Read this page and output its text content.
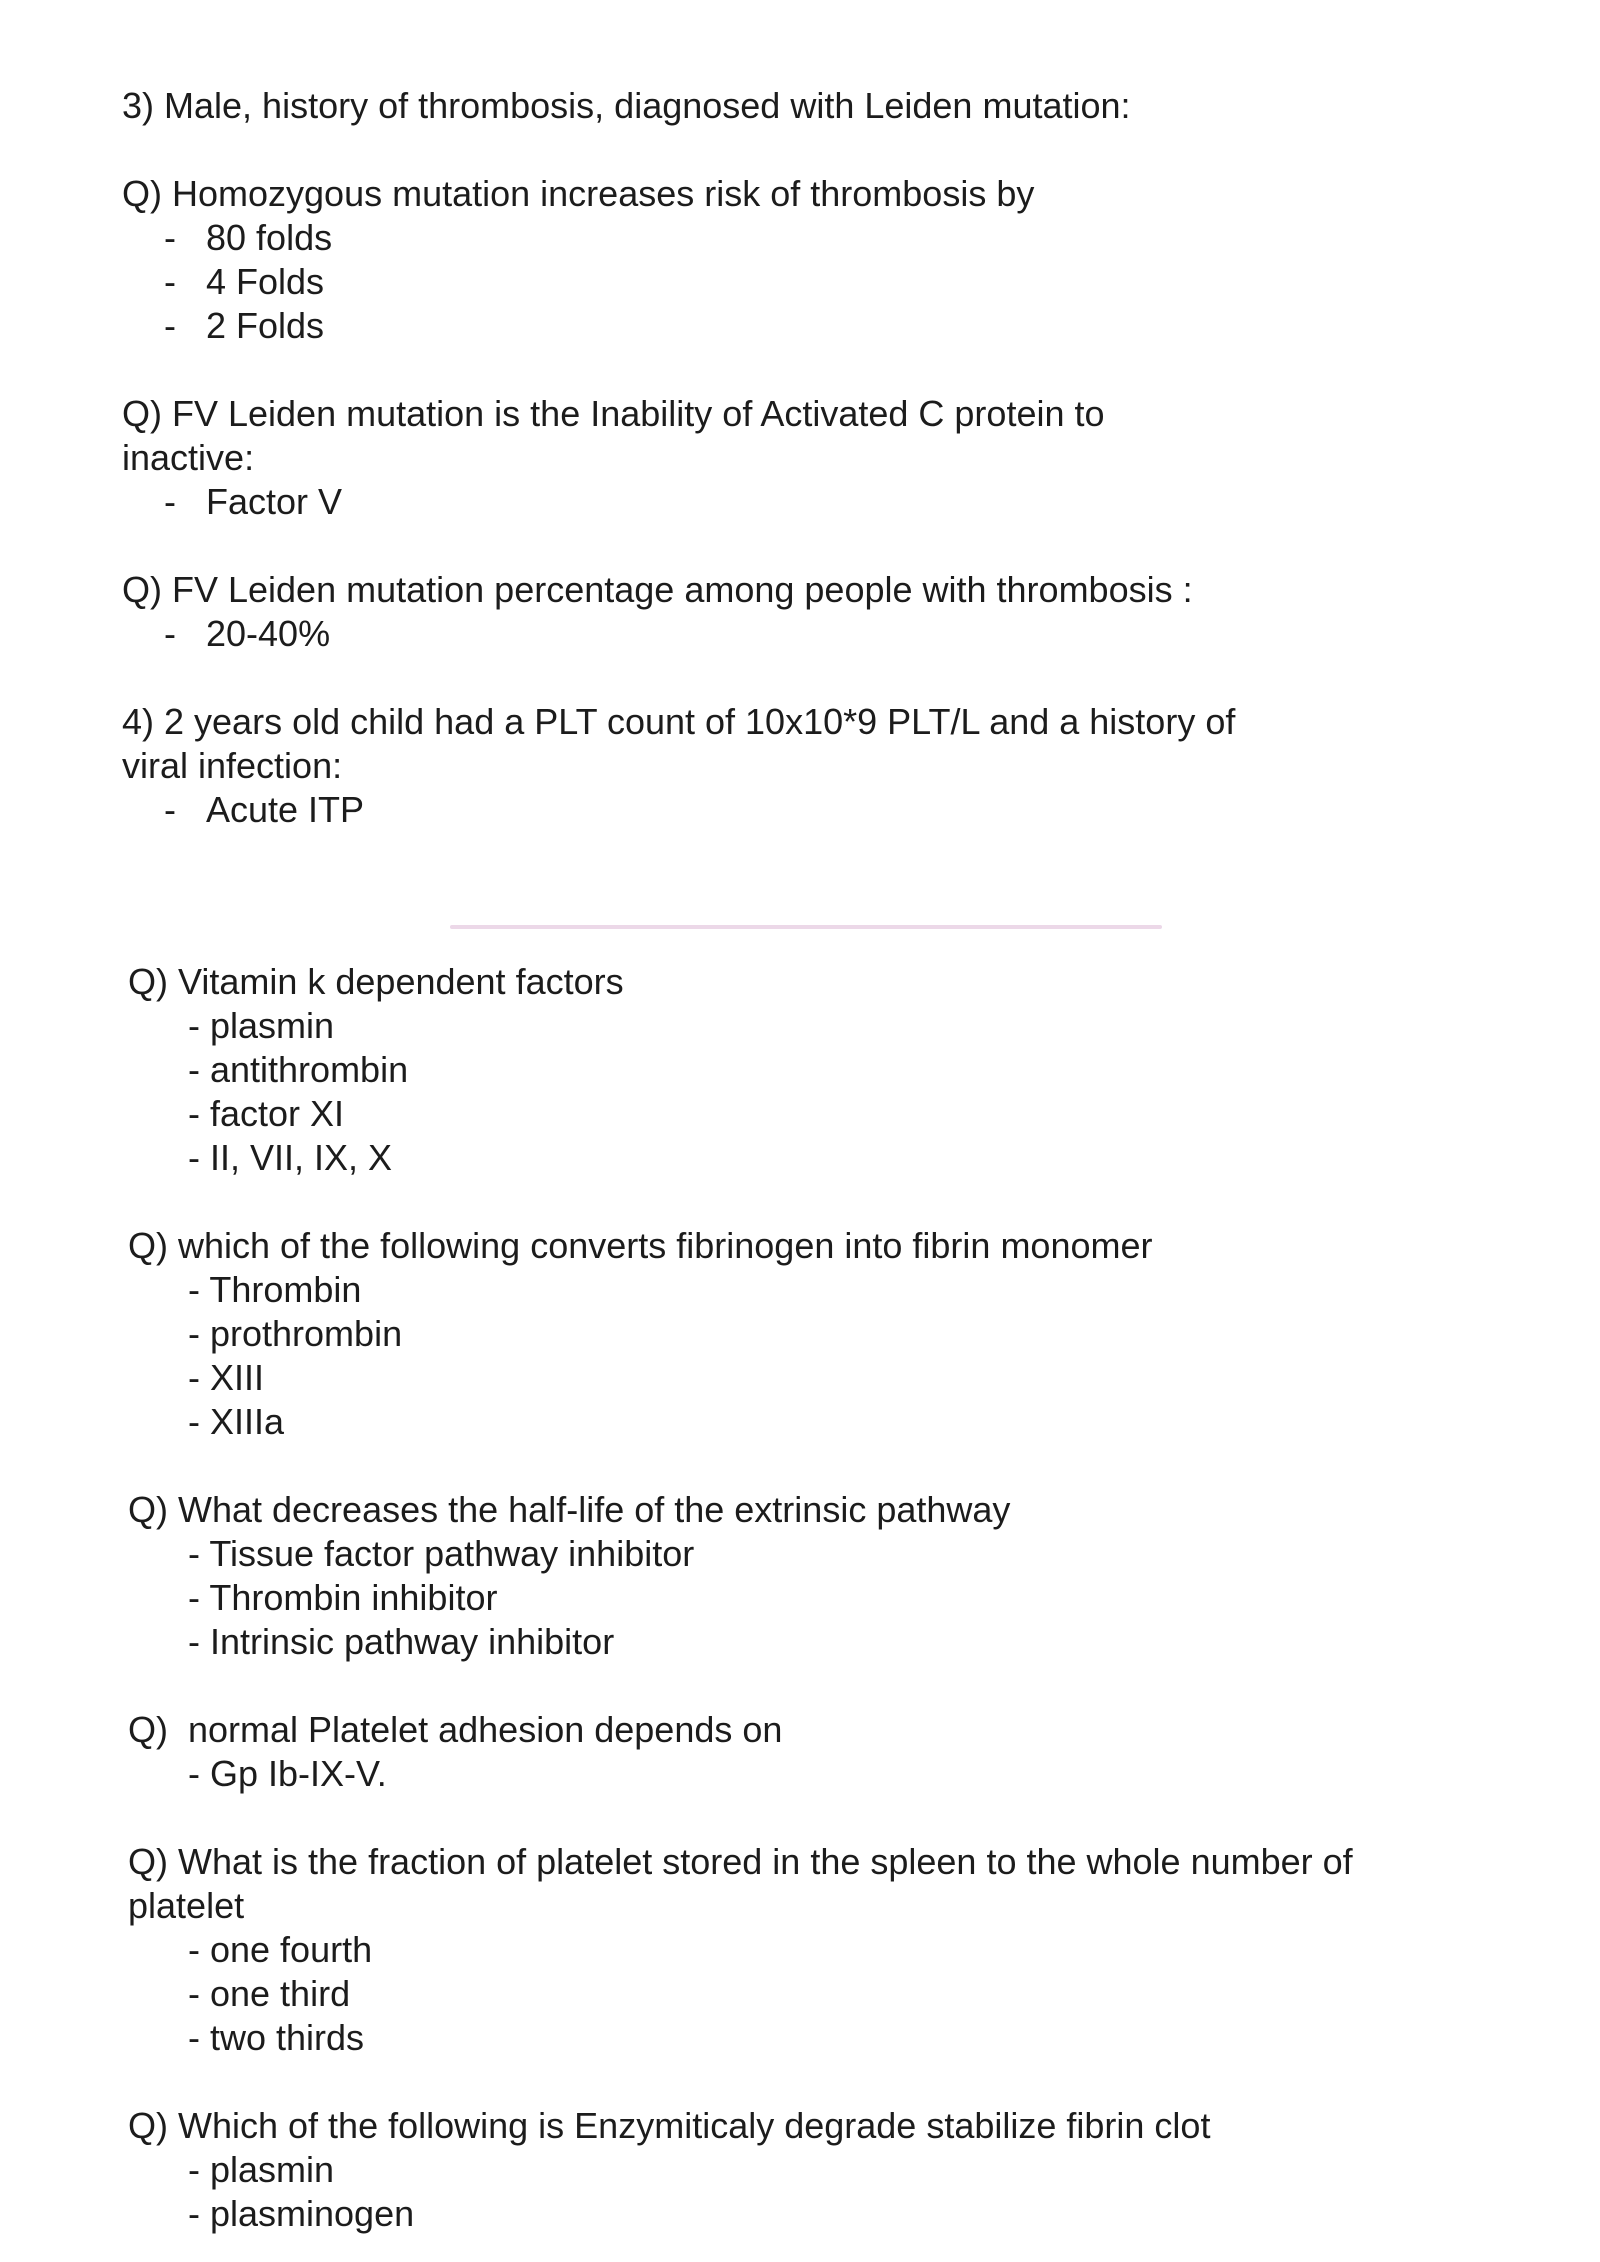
3) Male, history of thrombosis, diagnosed with Leiden mutation:

Q) Homozygous mutation increases risk of thrombosis by

- 80 folds
- 4 Folds
- 2 Folds

Q) FV Leiden mutation is the Inability of Activated C protein to inactive:

- Factor V

Q) FV Leiden mutation percentage among people with thrombosis :

- 20-40%

4) 2 years old child had a PLT count of 10x10*9 PLT/L and a history of viral infection:

- Acute ITP

Q) Vitamin k dependent factors

- plasmin
- antithrombin
- factor XI
- II, VII, IX, X

Q) which of the following converts fibrinogen into fibrin monomer

- Thrombin
- prothrombin
- XIII
- XIIIa

Q) What decreases the half-life of the extrinsic pathway

- Tissue factor pathway inhibitor
- Thrombin inhibitor
- Intrinsic pathway inhibitor

Q)  normal Platelet adhesion depends on

- Gp Ib-IX-V.

Q) What is the fraction of platelet stored in the spleen to the whole number of platelet

- one fourth
- one third
- two thirds

Q) Which of the following is Enzymiticaly degrade stabilize fibrin clot

- plasmin
- plasminogen
